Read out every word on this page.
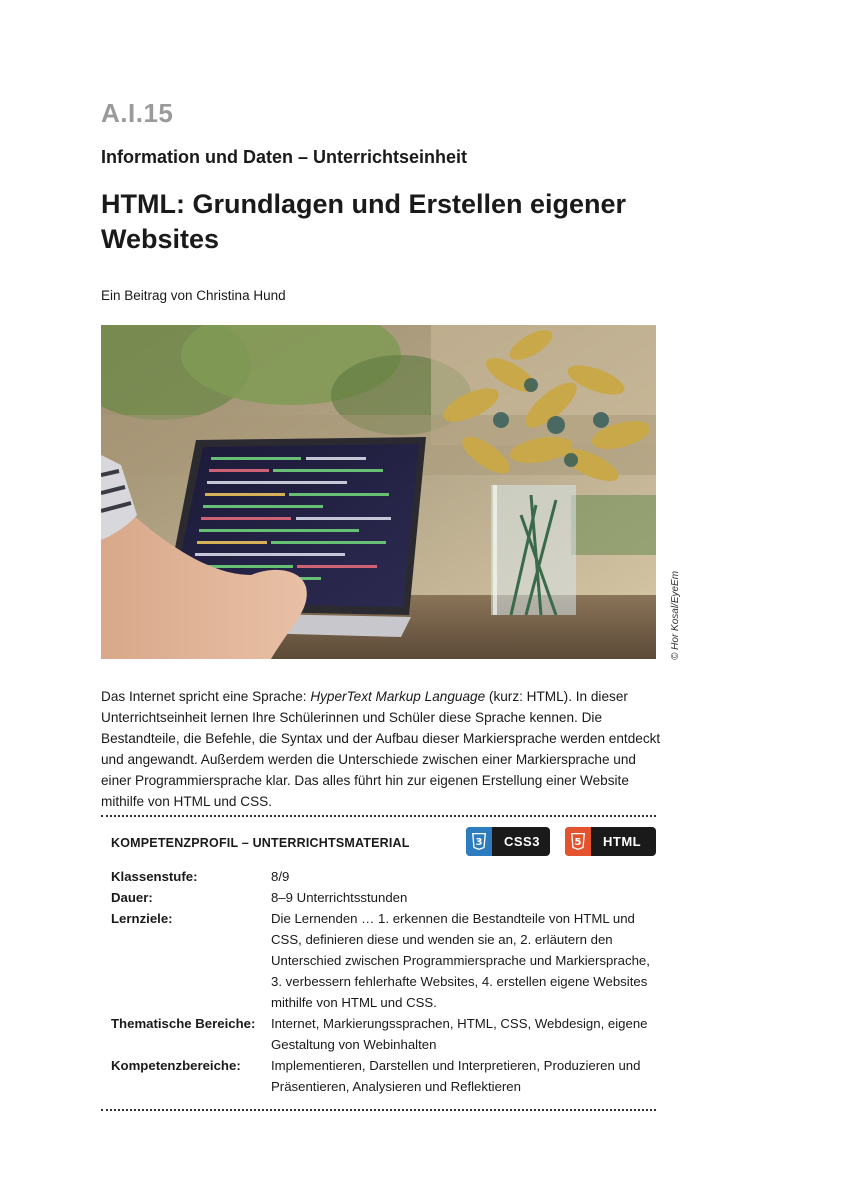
A.I.15
Information und Daten – Unterrichtseinheit
HTML: Grundlagen und Erstellen eigener Websites
Ein Beitrag von Christina Hund
© Hor Kosal/EyeEm

Das Internet spricht eine Sprache: HyperText Markup Language (kurz: HTML). In dieser Unterrichtseinheit lernen Ihre Schülerinnen und Schüler diese Sprache kennen. Die Bestandteile, die Befehle, die Syntax und der Aufbau dieser Markiersprache werden entdeckt und angewandt. Außerdem werden die Unterschiede zwischen einer Markiersprache und einer Programmiersprache klar. Das alles führt hin zur eigenen Erstellung einer Website mithilfe von HTML und CSS.

KOMPETENZPROFIL – UNTERRICHTSMATERIAL	3 CSS3	5 HTML
Klassenstufe:	8/9
Dauer:	8–9 Unterrichtsstunden
Lernziele:	Die Lernenden … 1. erkennen die Bestandteile von HTML und CSS, definieren diese und wenden sie an, 2. erläutern den Unterschied zwischen Programmiersprache und Markiersprache, 3. verbessern fehlerhafte Websites, 4. erstellen eigene Websites mithilfe von HTML und CSS.
Thematische Bereiche:	Internet, Markierungssprachen, HTML, CSS, Webdesign, eigene Gestaltung von Webinhalten
Kompetenzbereiche:	Implementieren, Darstellen und Interpretieren, Produzieren und Präsentieren, Analysieren und Reflektieren
